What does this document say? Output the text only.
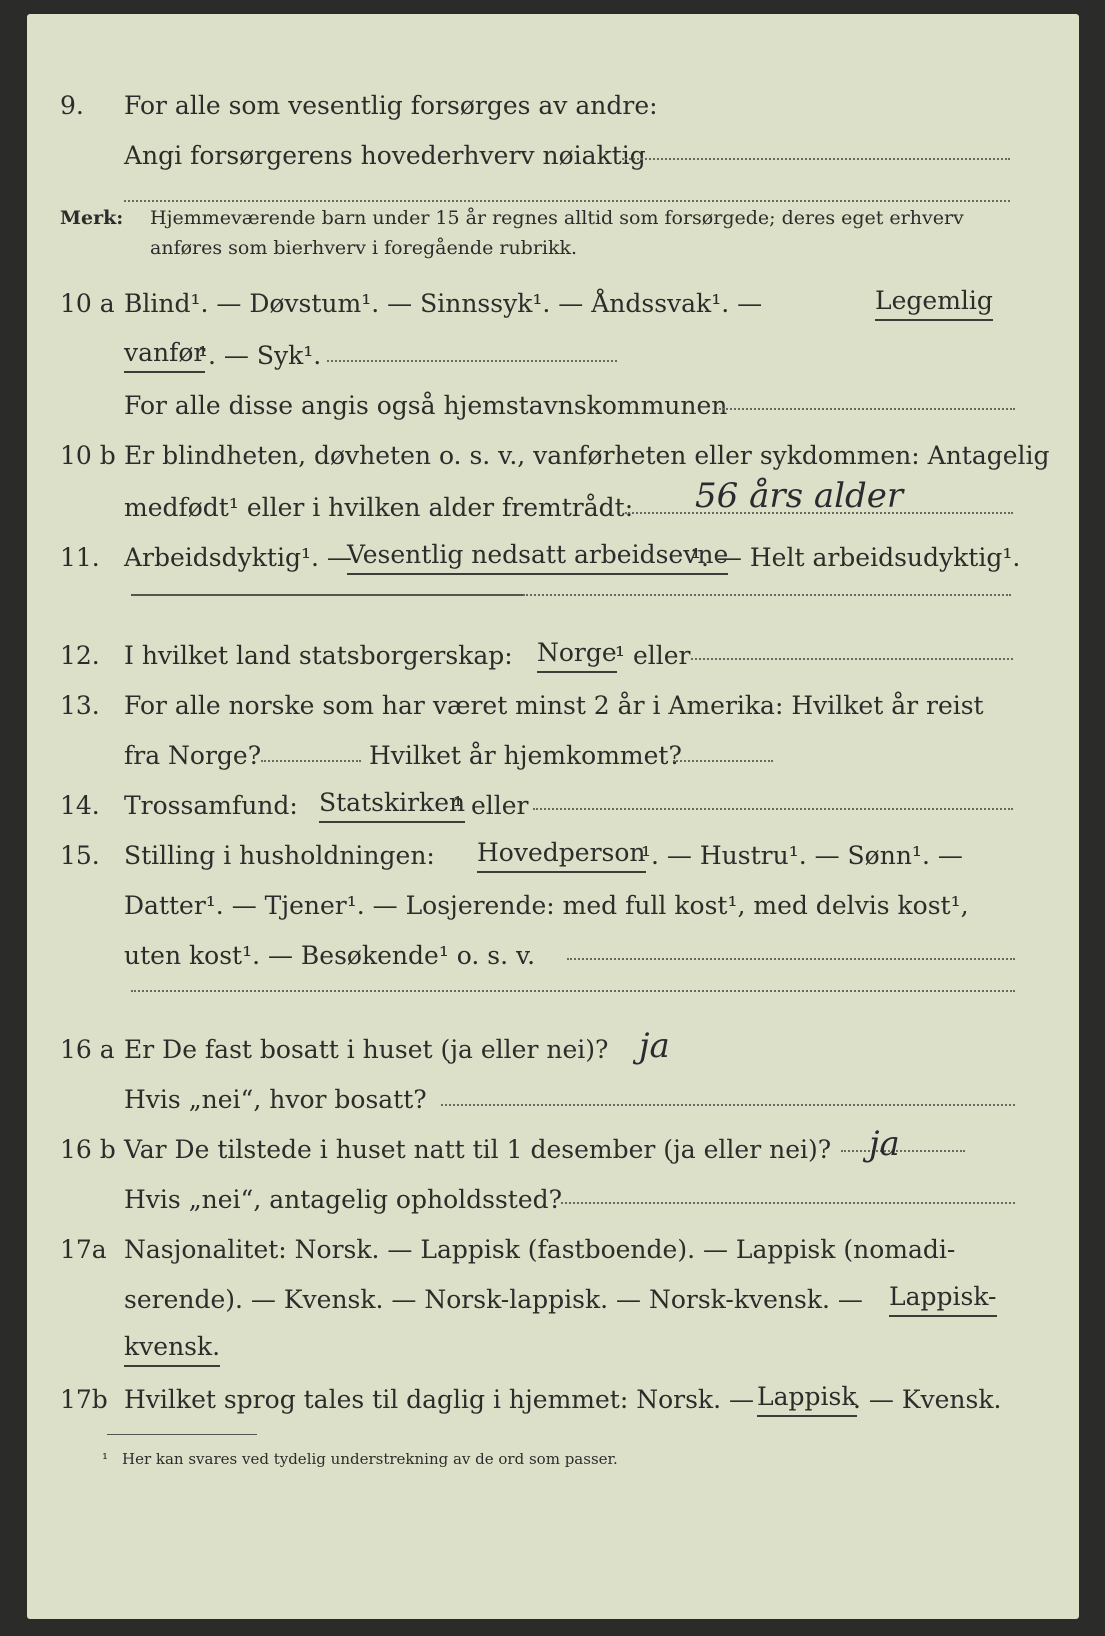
9. For alle som vesentlig forsørges av andre:
Angi forsørgerens hovederhverv nøiaktig
Merk: Hjemmeværende barn under 15 år regnes alltid som forsørgede; deres eget erhverv
anføres som bierhverv i foregående rubrikk.
10 a Blind¹. — Døvstum¹. — Sinnssyk¹. — Åndssvak¹. —	Legemlig
vanfør
¹. — Syk¹.
For alle disse angis også hjemstavnskommunen
10 b Er blindheten, døvheten o. s. v., vanførheten eller sykdommen: Antagelig
medfødt¹ eller i hvilken alder fremtrådt: 56 års alder
11. Arbeidsdyktig¹. —
Vesentlig nedsatt arbeidsevne
¹. — Helt arbeidsudyktig¹.
12. I hvilket land statsborgerskap: Norge
¹ eller
13. For alle norske som har været minst 2 år i Amerika: Hvilket år reist
fra Norge?	Hvilket år hjemkommet?
14. Trossamfund: Statskirken
¹ eller
15. Stilling i husholdningen: Hovedperson
¹. — Hustru¹. — Sønn¹. —
Datter¹. — Tjener¹. — Losjerende: med full kost¹, med delvis kost¹,
uten kost¹. — Besøkende¹ o. s. v.
16 a Er De fast bosatt i huset (ja eller nei)? ja
Hvis „nei“, hvor bosatt?
16 b Var De tilstede i huset natt til 1 desember (ja eller nei)? ja
Hvis „nei“, antagelig opholdssted?
17a Nasjonalitet: Norsk. — Lappisk (fastboende). — Lappisk (nomadi-
serende). — Kvensk. — Norsk-lappisk. — Norsk-kvensk. — Lappisk-
kvensk.
17b Hvilket sprog tales til daglig i hjemmet: Norsk. — Lappisk
. — Kvensk.
¹ Her kan svares ved tydelig understrekning av de ord som passer.
